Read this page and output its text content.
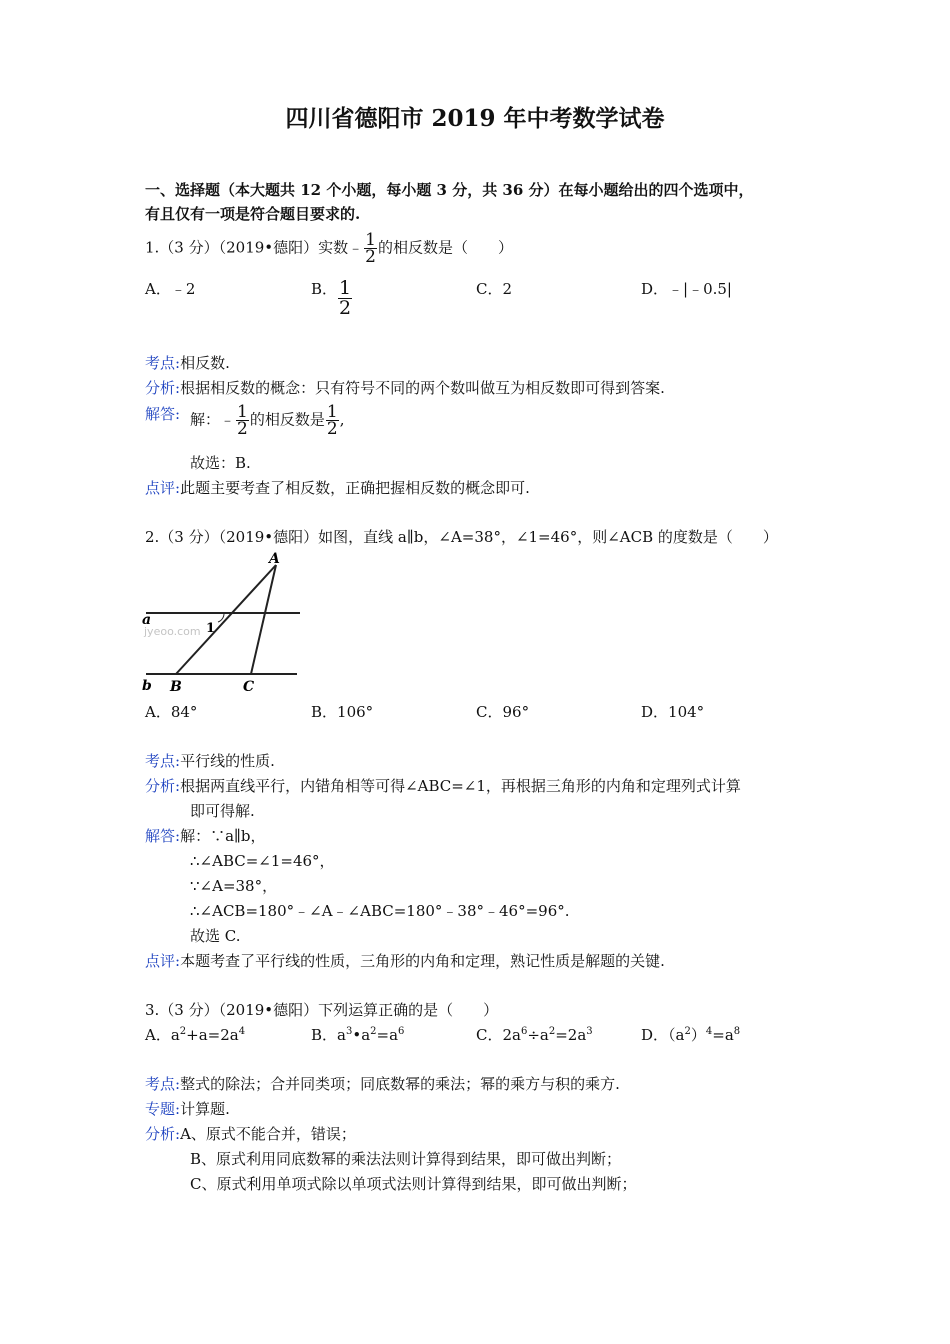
四川省德阳市 2019 年中考数学试卷
一、选择题（本大题共 12 个小题，每小题 3 分，共 36 分）在每小题给出的四个选项中，
有且仅有一项是符合题目要求的.
1.（3 分）（2019•德阳）实数﹣ $\frac{1}{2}$ 的相反数是（　　）
A．﹣2	B． $\frac{1}{2}$	C．2	D．﹣|﹣0.5|
考点:相反数.
分析:根据相反数的概念：只有符号不同的两个数叫做互为相反数即可得到答案.
解答: 解：﹣ $\frac{1}{2}$ 的相反数是 $\frac{1}{2}$ ,
故选：B.
点评:此题主要考查了相反数，正确把握相反数的概念即可.
2.（3 分）（2019•德阳）如图，直线 a∥b，∠A=38°，∠1=46°，则∠ACB 的度数是（　　）
A
a
1
jyeoo.com
b B	C
A．84°	B．106°	C．96°	D．104°
考点:平行线的性质.
分析:根据两直线平行，内错角相等可得∠ABC=∠1，再根据三角形的内角和定理列式计算
即可得解.
解答:解：∵a∥b，
∴∠ABC=∠1=46°，
∵∠A=38°，
∴∠ACB=180°﹣∠A﹣∠ABC=180°﹣38°﹣46°=96°.
故选 C.
点评:本题考查了平行线的性质，三角形的内角和定理，熟记性质是解题的关键.
3.（3 分）（2019•德阳）下列运算正确的是（　　）
A．$a^2+a=2a^4$	B．$a^3•a^2=a^6$	C．$2a^6\div a^2=2a^3$	D．$(a^2)^4=a^8$
考点:整式的除法；合并同类项；同底数幂的乘法；幂的乘方与积的乘方.
专题:计算题.
分析:A、原式不能合并，错误；
B、原式利用同底数幂的乘法法则计算得到结果，即可做出判断；
C、原式利用单项式除以单项式法则计算得到结果，即可做出判断；
